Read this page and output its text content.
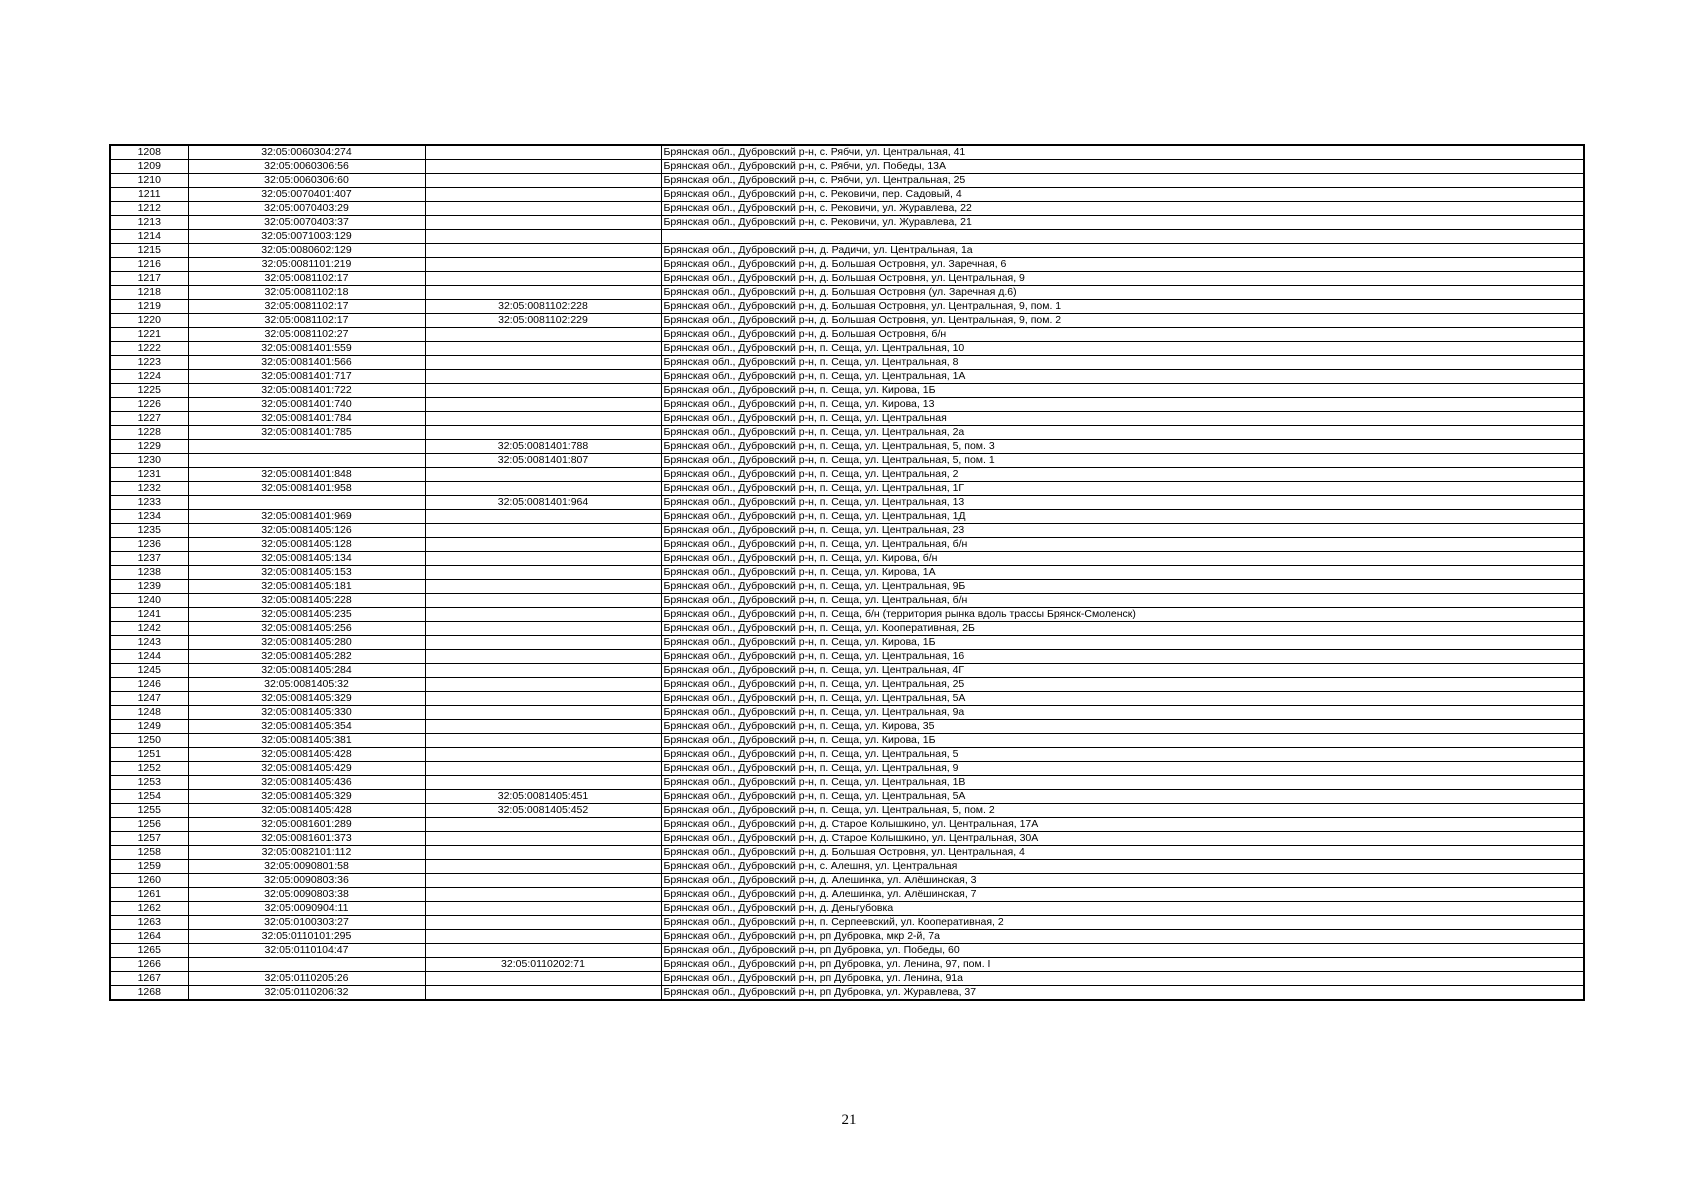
1208	32:05:0060304:274		Брянская обл., Дубровский р-н, с. Рябчи, ул. Центральная, 41
1209	32:05:0060306:56		Брянская обл., Дубровский р-н, с. Рябчи, ул. Победы, 13А
1210	32:05:0060306:60		Брянская обл., Дубровский р-н, с. Рябчи, ул. Центральная, 25
1211	32:05:0070401:407		Брянская обл., Дубровский р-н, с. Рековичи, пер. Садовый, 4
1212	32:05:0070403:29		Брянская обл., Дубровский р-н, с. Рековичи, ул. Журавлева, 22
1213	32:05:0070403:37		Брянская обл., Дубровский р-н, с. Рековичи, ул. Журавлева, 21
1214	32:05:0071003:129		
1215	32:05:0080602:129		Брянская обл., Дубровский р-н, д. Радичи, ул. Центральная, 1а
1216	32:05:0081101:219		Брянская обл., Дубровский р-н, д. Большая Островня, ул. Заречная, 6
1217	32:05:0081102:17		Брянская обл., Дубровский р-н, д. Большая Островня, ул. Центральная, 9
1218	32:05:0081102:18		Брянская обл., Дубровский р-н, д. Большая Островня (ул. Заречная д.6)
1219	32:05:0081102:17	32:05:0081102:228	Брянская обл., Дубровский р-н, д. Большая Островня, ул. Центральная, 9, пом. 1
1220	32:05:0081102:17	32:05:0081102:229	Брянская обл., Дубровский р-н, д. Большая Островня, ул. Центральная, 9, пом. 2
1221	32:05:0081102:27		Брянская обл., Дубровский р-н, д. Большая Островня, б/н
1222	32:05:0081401:559		Брянская обл., Дубровский р-н, п. Сеща, ул. Центральная, 10
1223	32:05:0081401:566		Брянская обл., Дубровский р-н, п. Сеща, ул. Центральная, 8
1224	32:05:0081401:717		Брянская обл., Дубровский р-н, п. Сеща, ул. Центральная, 1А
1225	32:05:0081401:722		Брянская обл., Дубровский р-н, п. Сеща, ул. Кирова, 1Б
1226	32:05:0081401:740		Брянская обл., Дубровский р-н, п. Сеща, ул. Кирова, 13
1227	32:05:0081401:784		Брянская обл., Дубровский р-н, п. Сеща, ул. Центральная
1228	32:05:0081401:785		Брянская обл., Дубровский р-н, п. Сеща, ул. Центральная, 2а
1229		32:05:0081401:788	Брянская обл., Дубровский р-н, п. Сеща, ул. Центральная, 5, пом. 3
1230		32:05:0081401:807	Брянская обл., Дубровский р-н, п. Сеща, ул. Центральная, 5, пом. 1
1231	32:05:0081401:848		Брянская обл., Дубровский р-н, п. Сеща, ул. Центральная, 2
1232	32:05:0081401:958		Брянская обл., Дубровский р-н, п. Сеща, ул. Центральная, 1Г
1233		32:05:0081401:964	Брянская обл., Дубровский р-н, п. Сеща, ул. Центральная, 13
1234	32:05:0081401:969		Брянская обл., Дубровский р-н, п. Сеща, ул. Центральная, 1Д
1235	32:05:0081405:126		Брянская обл., Дубровский р-н, п. Сеща, ул. Центральная, 23
1236	32:05:0081405:128		Брянская обл., Дубровский р-н, п. Сеща, ул. Центральная, б/н
1237	32:05:0081405:134		Брянская обл., Дубровский р-н, п. Сеща, ул. Кирова, б/н
1238	32:05:0081405:153		Брянская обл., Дубровский р-н, п. Сеща, ул. Кирова, 1А
1239	32:05:0081405:181		Брянская обл., Дубровский р-н, п. Сеща, ул. Центральная, 9Б
1240	32:05:0081405:228		Брянская обл., Дубровский р-н, п. Сеща, ул. Центральная, б/н
1241	32:05:0081405:235		Брянская обл., Дубровский р-н, п. Сеща, б/н (территория рынка вдоль трассы Брянск-Смоленск)
1242	32:05:0081405:256		Брянская обл., Дубровский р-н, п. Сеща, ул. Кооперативная, 2Б
1243	32:05:0081405:280		Брянская обл., Дубровский р-н, п. Сеща, ул. Кирова, 1Б
1244	32:05:0081405:282		Брянская обл., Дубровский р-н, п. Сеща, ул. Центральная, 16
1245	32:05:0081405:284		Брянская обл., Дубровский р-н, п. Сеща, ул. Центральная, 4Г
1246	32:05:0081405:32		Брянская обл., Дубровский р-н, п. Сеща, ул. Центральная, 25
1247	32:05:0081405:329		Брянская обл., Дубровский р-н, п. Сеща, ул. Центральная, 5А
1248	32:05:0081405:330		Брянская обл., Дубровский р-н, п. Сеща, ул. Центральная, 9а
1249	32:05:0081405:354		Брянская обл., Дубровский р-н, п. Сеща, ул. Кирова, 35
1250	32:05:0081405:381		Брянская обл., Дубровский р-н, п. Сеща, ул. Кирова, 1Б
1251	32:05:0081405:428		Брянская обл., Дубровский р-н, п. Сеща, ул. Центральная, 5
1252	32:05:0081405:429		Брянская обл., Дубровский р-н, п. Сеща, ул. Центральная, 9
1253	32:05:0081405:436		Брянская обл., Дубровский р-н, п. Сеща, ул. Центральная, 1В
1254	32:05:0081405:329	32:05:0081405:451	Брянская обл., Дубровский р-н, п. Сеща, ул. Центральная, 5А
1255	32:05:0081405:428	32:05:0081405:452	Брянская обл., Дубровский р-н, п. Сеща, ул. Центральная, 5, пом. 2
1256	32:05:0081601:289		Брянская обл., Дубровский р-н, д. Старое Колышкино, ул. Центральная, 17А
1257	32:05:0081601:373		Брянская обл., Дубровский р-н, д. Старое Колышкино, ул. Центральная, 30А
1258	32:05:0082101:112		Брянская обл., Дубровский р-н, д. Большая Островня, ул. Центральная, 4
1259	32:05:0090801:58		Брянская обл., Дубровский р-н, с. Алешня, ул. Центральная
1260	32:05:0090803:36		Брянская обл., Дубровский р-н, д. Алешинка, ул. Алёшинская, 3
1261	32:05:0090803:38		Брянская обл., Дубровский р-н, д. Алешинка, ул. Алёшинская, 7
1262	32:05:0090904:11		Брянская обл., Дубровский р-н, д. Деньгубовка
1263	32:05:0100303:27		Брянская обл., Дубровский р-н, п. Серпеевский, ул. Кооперативная, 2
1264	32:05:0110101:295		Брянская обл., Дубровский р-н, рп Дубровка, мкр 2-й, 7а
1265	32:05:0110104:47		Брянская обл., Дубровский р-н, рп Дубровка, ул. Победы, 60
1266		32:05:0110202:71	Брянская обл., Дубровский р-н, рп Дубровка, ул. Ленина, 97, пом. I
1267	32:05:0110205:26		Брянская обл., Дубровский р-н, рп Дубровка, ул. Ленина, 91а
1268	32:05:0110206:32		Брянская обл., Дубровский р-н, рп Дубровка, ул. Журавлева, 37
21
